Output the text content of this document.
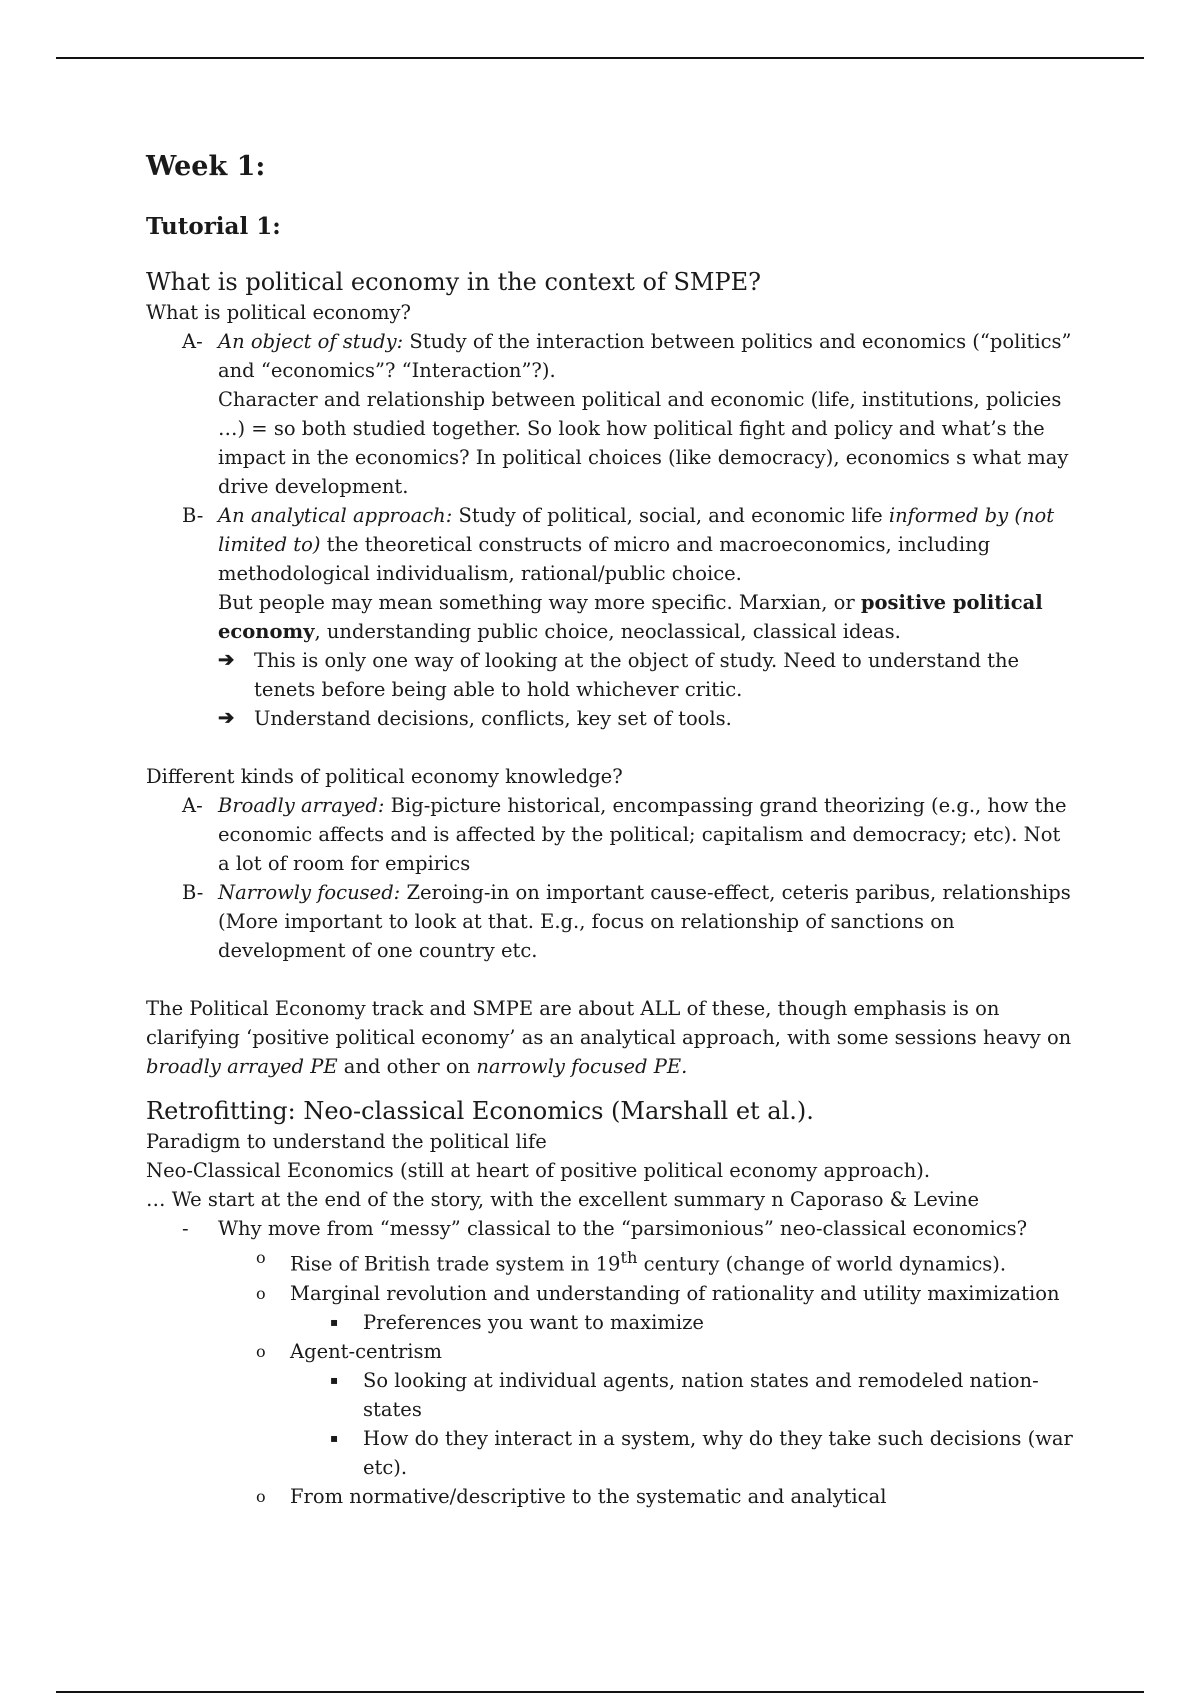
Week 1:
Tutorial 1:
What is political economy in the context of SMPE?

What is political economy?

A- An object of study: Study of the interaction between politics and economics (“politics” and “economics”? “Interaction”?).

Character and relationship between political and economic (life, institutions, policies …) = so both studied together. So look how political fight and policy and what’s the impact in the economics? In political choices (like democracy), economics s what may drive development.

B- An analytical approach: Study of political, social, and economic life informed by (not limited to) the theoretical constructs of micro and macroeconomics, including methodological individualism, rational/public choice.

But people may mean something way more specific. Marxian, or positive political economy, understanding public choice, neoclassical, classical ideas.

➔ This is only one way of looking at the object of study. Need to understand the tenets before being able to hold whichever critic.

➔ Understand decisions, conflicts, key set of tools.

Different kinds of political economy knowledge?

A- Broadly arrayed: Big-picture historical, encompassing grand theorizing (e.g., how the economic affects and is affected by the political; capitalism and democracy; etc). Not a lot of room for empirics

B- Narrowly focused: Zeroing-in on important cause-effect, ceteris paribus, relationships (More important to look at that. E.g., focus on relationship of sanctions on development of one country etc.

The Political Economy track and SMPE are about ALL of these, though emphasis is on clarifying ‘positive political economy’ as an analytical approach, with some sessions heavy on broadly arrayed PE and other on narrowly focused PE.

Retrofitting: Neo-classical Economics (Marshall et al.).

Paradigm to understand the political life

Neo-Classical Economics (still at heart of positive political economy approach).

… We start at the end of the story, with the excellent summary n Caporaso & Levine

- Why move from “messy” classical to the “parsimonious” neo-classical economics?

o Rise of British trade system in 19th century (change of world dynamics).

o Marginal revolution and understanding of rationality and utility maximization

▪ Preferences you want to maximize

o Agent-centrism

▪ So looking at individual agents, nation states and remodeled nation-states

▪ How do they interact in a system, why do they take such decisions (war etc).

o From normative/descriptive to the systematic and analytical
